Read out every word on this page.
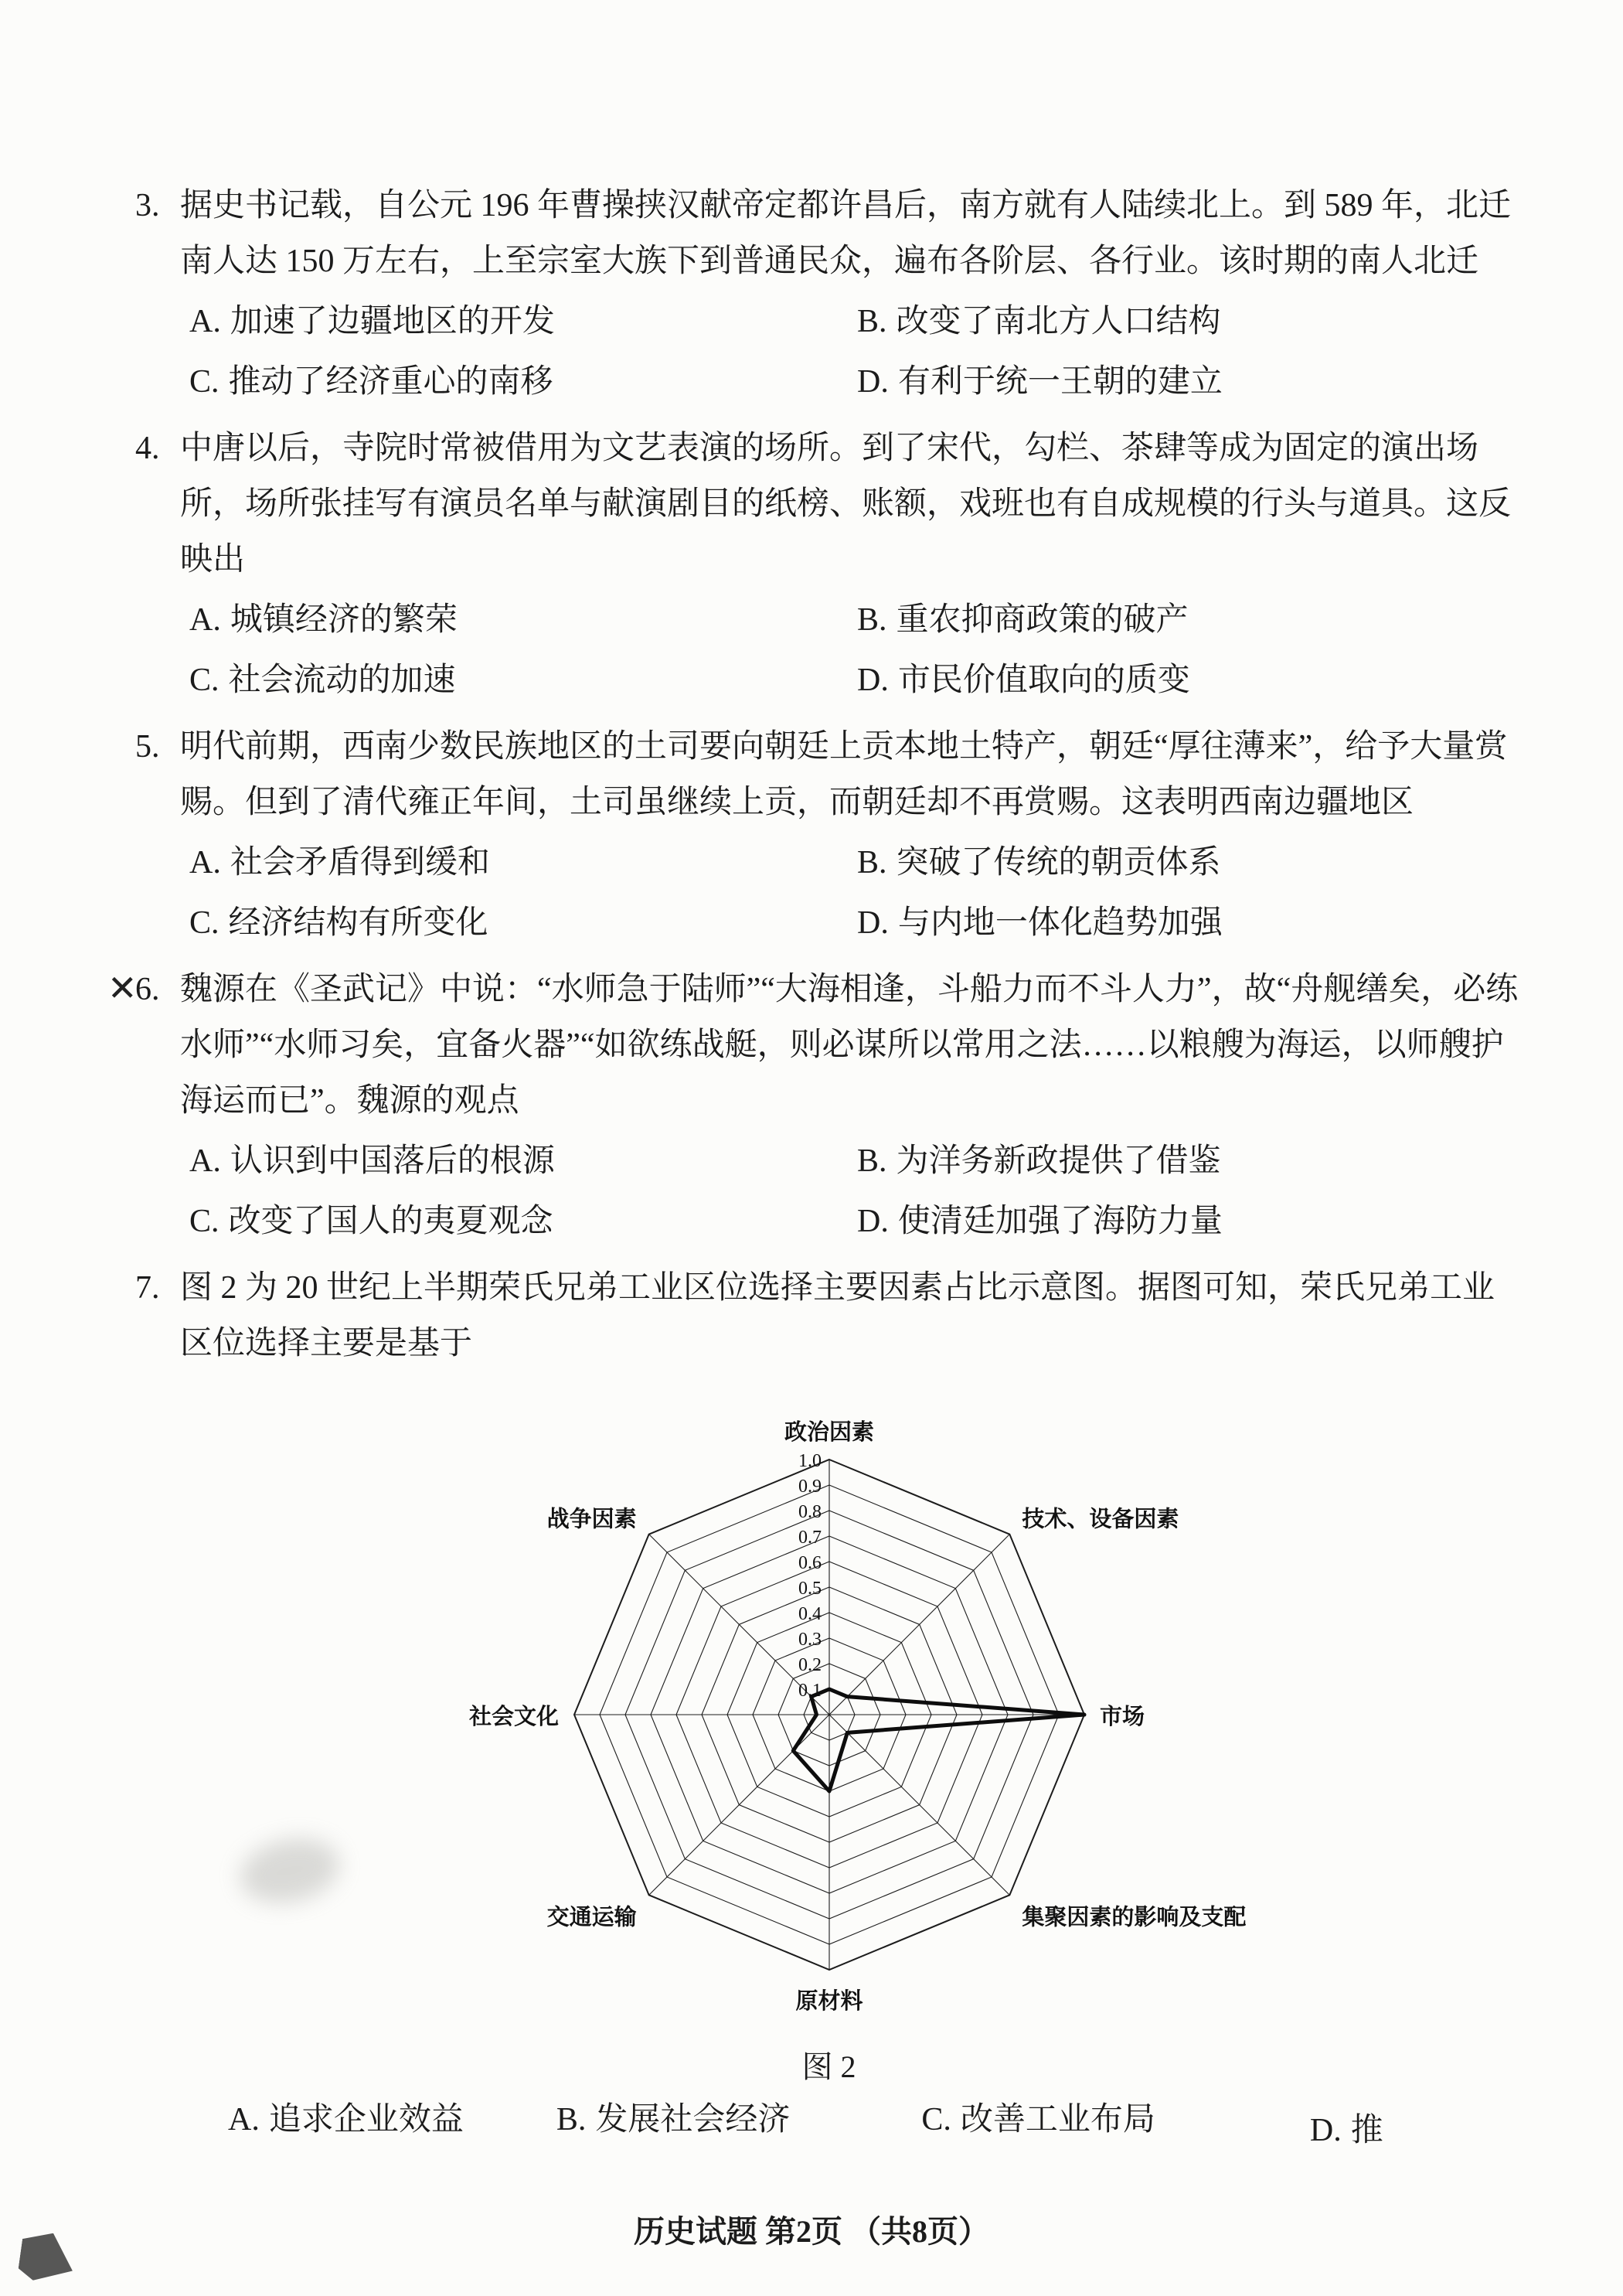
3. 据史书记载，自公元 196 年曹操挟汉献帝定都许昌后，南方就有人陆续北上。到 589 年，北迁南人达 150 万左右，上至宗室大族下到普通民众，遍布各阶层、各行业。该时期的南人北迁

A. 加速了边疆地区的开发	B. 改变了南北方人口结构
C. 推动了经济重心的南移	D. 有利于统一王朝的建立

4. 中唐以后，寺院时常被借用为文艺表演的场所。到了宋代，勾栏、茶肆等成为固定的演出场所，场所张挂写有演员名单与献演剧目的纸榜、账额，戏班也有自成规模的行头与道具。这反映出

A. 城镇经济的繁荣	B. 重农抑商政策的破产
C. 社会流动的加速	D. 市民价值取向的质变

5. 明代前期，西南少数民族地区的土司要向朝廷上贡本地土特产，朝廷“厚往薄来”，给予大量赏赐。但到了清代雍正年间，土司虽继续上贡，而朝廷却不再赏赐。这表明西南边疆地区

A. 社会矛盾得到缓和	B. 突破了传统的朝贡体系
C. 经济结构有所变化	D. 与内地一体化趋势加强

✕
6. 魏源在《圣武记》中说：“水师急于陆师”“大海相逢，斗船力而不斗人力”，故“舟舰缮矣，必练水师”“水师习矣，宜备火器”“如欲练战艇，则必谋所以常用之法……以粮艘为海运，以师艘护海运而已”。魏源的观点

A. 认识到中国落后的根源	B. 为洋务新政提供了借鉴
C. 改变了国人的夷夏观念	D. 使清廷加强了海防力量

7. 图 2 为 20 世纪上半期荣氏兄弟工业区位选择主要因素占比示意图。据图可知，荣氏兄弟工业区位选择主要是基于

1.0
0.9
0.8
0.7
0.6
0.5
0.4
0.3
0.2
0.1
政治因素
技术、设备因素
市场
集聚因素的影响及支配
原材料
交通运输
社会文化
战争因素
图 2
A. 追求企业效益	B. 发展社会经济	C. 改善工业布局	D. 推
历史试题 第2页 （共8页）
